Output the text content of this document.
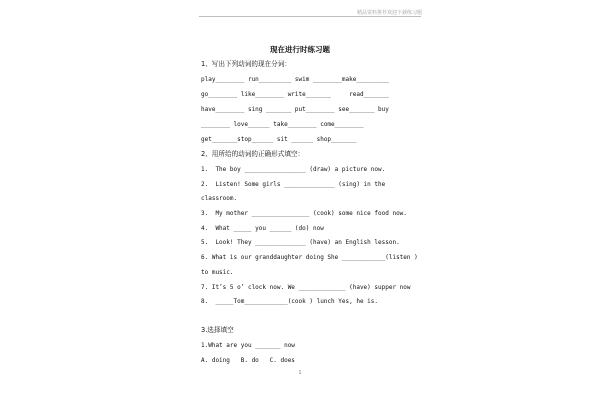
精品资料推荐欢迎下载练习题
现在进行时练习题
1、写出下列动词的现在分词：
play________ run_________ swim ________make_________
go________ like________ write_______     read_______
have________ sing _______ put________ see_______ buy
________ love______ take________ come________
get_______stop______ sit ______ shop_______
2、用所给的动词的正确形式填空：
1.  The boy _________________ (draw) a picture now.
2.  Listen! Some girls ______________ (sing) in the
classroom.
3.  My mother ________________ (cook) some nice food now.
4.  What _____ you ______ (do) now
5.  Look! They ______________ (have) an English lesson.
6. What is our granddaughter doing She ____________(listen )
to music.
7. It’s 5 o’ clock now. We _____________ (have) supper now
8.  _____Tom____________(cook ) lunch Yes, he is.
3.选择填空
1.What are you _______ now
A. doing   B. do   C. does
1
